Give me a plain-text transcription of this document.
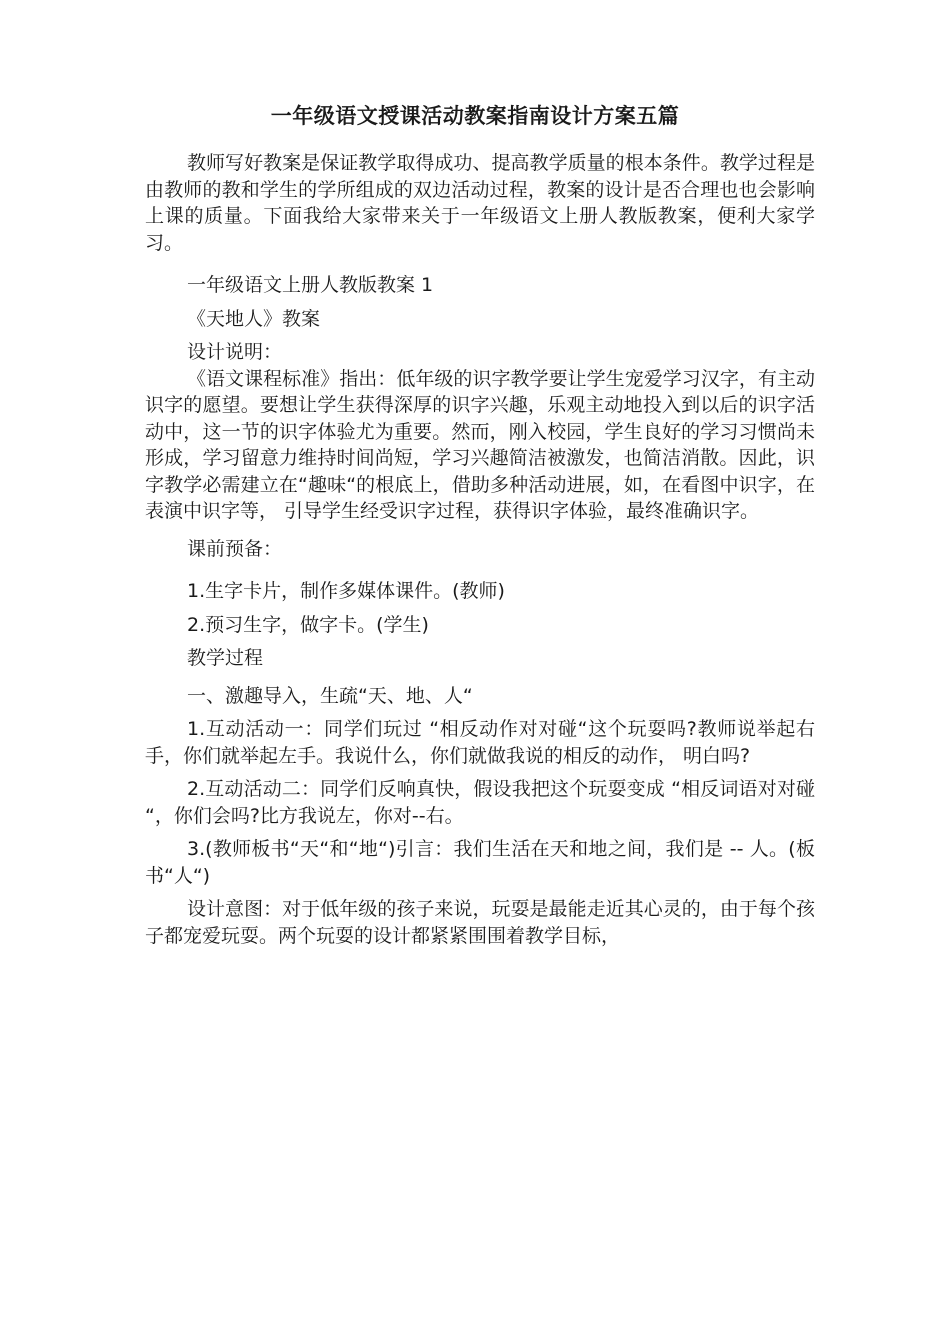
一年级语文授课活动教案指南设计方案五篇

教师写好教案是保证教学取得成功、提高教学质量的根本条件。教学过程是由教师的教和学生的学所组成的双边活动过程，教案的设计是否合理也也会影响上课的质量。下面我给大家带来关于一年级语文上册人教版教案，便利大家学习。

一年级语文上册人教版教案 1

《天地人》教案

设计说明：

《语文课程标准》指出：低年级的识字教学要让学生宠爱学习汉字，有主动识字的愿望。要想让学生获得深厚的识字兴趣，乐观主动地投入到以后的识字活动中，这一节的识字体验尤为重要。然而，刚入校园，学生良好的学习习惯尚未形成，学习留意力维持时间尚短，学习兴趣简洁被激发，也简洁消散。因此，识字教学必需建立在“趣味“的根底上，借助多种活动进展，如，在看图中识字，在表演中识字等， 引导学生经受识字过程，获得识字体验，最终准确识字。

课前预备：

1.生字卡片，制作多媒体课件。(教师)

2.预习生字，做字卡。(学生)

教学过程

一、激趣导入，生疏“天、地、人“

1.互动活动一：同学们玩过 “相反动作对对碰“这个玩耍吗?教师说举起右手，你们就举起左手。我说什么，你们就做我说的相反的动作， 明白吗?

2.互动活动二：同学们反响真快，假设我把这个玩耍变成 “相反词语对对碰 “，你们会吗?比方我说左，你对--右。

3.(教师板书“天“和“地“)引言：我们生活在天和地之间，我们是 -- 人。(板书“人“)

设计意图：对于低年级的孩子来说，玩耍是最能走近其心灵的，由于每个孩子都宠爱玩耍。两个玩耍的设计都紧紧围围着教学目标，
